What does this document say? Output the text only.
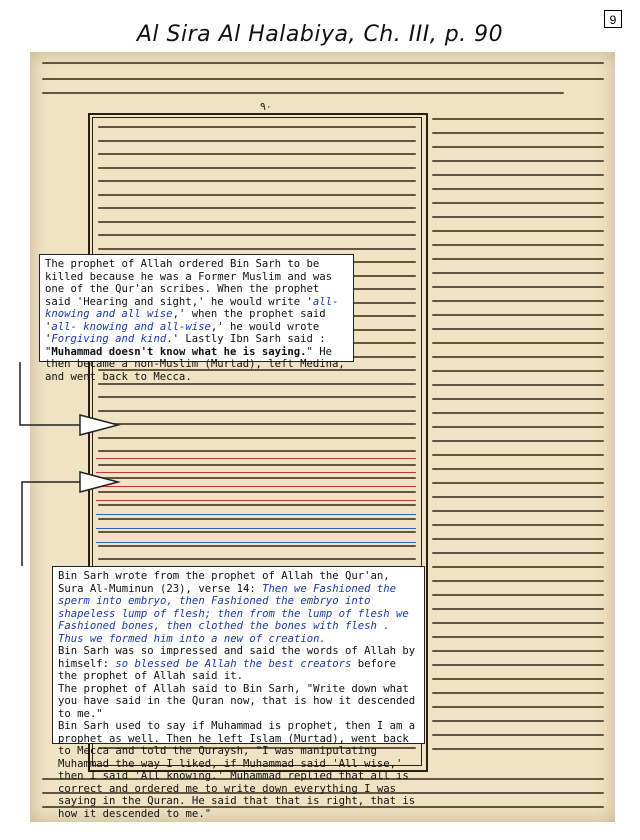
9
Al Sira Al Halabiya, Ch. III, p. 90
٩٠
The prophet of Allah ordered Bin Sarh to be killed because he was a Former Muslim and was one of the Qur'an scribes. When the prophet said 'Hearing and sight,' he would write 'all-knowing and all wise,' when the prophet said 'all- knowing and all-wise,' he would wrote 'Forgiving and kind.' Lastly Ibn Sarh said : "Muhammad doesn't know what he is saying." He then became a non-Muslim (Murtad), left Medina, and went back to Mecca.
Bin Sarh wrote from the prophet of Allah the Qur'an, Sura Al-Muminun (23), verse 14: Then we Fashioned the sperm into embryo, then Fashioned the embryo into shapeless lump of flesh; then from the lump of flesh we Fashioned bones, then clothed the bones with flesh . Thus we formed him into a new of creation.
Bin Sarh was so impressed and said the words of Allah by himself: so blessed be Allah the best creators before the prophet of Allah said it.
The prophet of Allah said to Bin Sarh, "Write down what you have said in the Quran now, that is how it descended to me."
Bin Sarh used to say if Muhammad is prophet, then I am a prophet as well. Then he left Islam (Murtad), went back to Mecca and told the Quraysh, "I was manipulating Muhammad the way I liked, if Muhammad said 'All wise,' then I said 'All knowing.' Muhammad replied that all is correct and ordered me to write down everything I was saying in the Quran. He said that that is right, that is how it descended to me."
